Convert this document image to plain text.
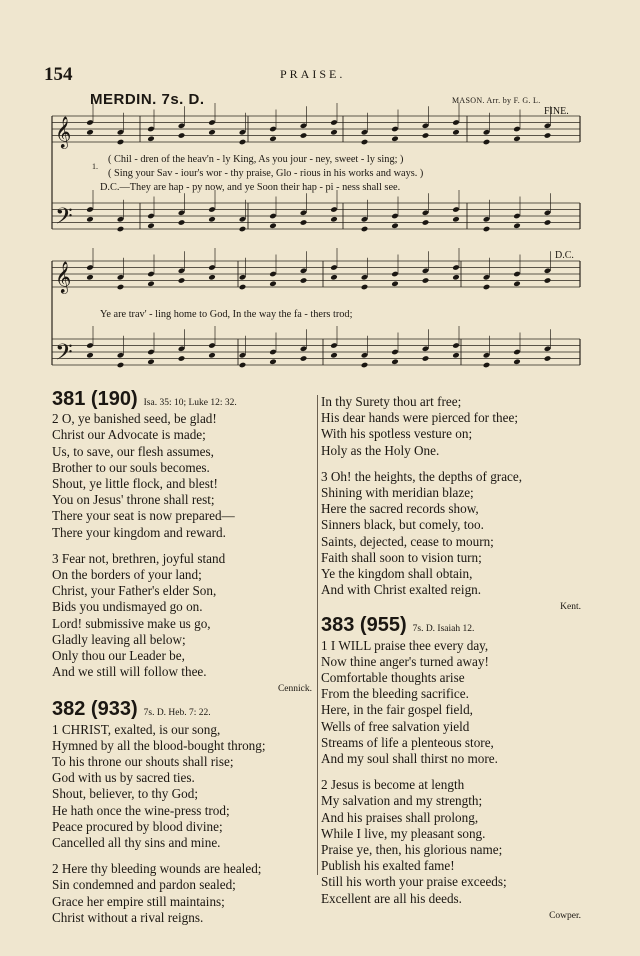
154	PRAISE.
MERDIN. 7s. D.	MASON. Arr. by F. G. L.
FINE.
D.C.
𝄞
𝄢
𝄞
𝄢
1.
( Chil - dren of the heav'n - ly King, As you jour - ney, sweet - ly sing; )
( Sing your Sav - iour's wor - thy praise, Glo - rious in his works and ways. )
D.C.—They are hap - py now, and ye Soon their hap - pi - ness shall see.
Ye are trav' - ling home to God, In the way the fa - thers trod;
381 (190) Isa. 35: 10; Luke 12: 32.
2 O, ye banished seed, be glad!
Christ our Advocate is made;
Us, to save, our flesh assumes,
Brother to our souls becomes.
Shout, ye little flock, and blest!
You on Jesus' throne shall rest;
There your seat is now prepared—
There your kingdom and reward.
3 Fear not, brethren, joyful stand
On the borders of your land;
Christ, your Father's elder Son,
Bids you undismayed go on.
Lord! submissive make us go,
Gladly leaving all below;
Only thou our Leader be,
And we still will follow thee.
Cennick.
382 (933) 7s. D. Heb. 7: 22.
1 CHRIST, exalted, is our song,
Hymned by all the blood-bought throng;
To his throne our shouts shall rise;
God with us by sacred ties.
Shout, believer, to thy God;
He hath once the wine-press trod;
Peace procured by blood divine;
Cancelled all thy sins and mine.
2 Here thy bleeding wounds are healed;
Sin condemned and pardon sealed;
Grace her empire still maintains;
Christ without a rival reigns.
In thy Surety thou art free;
His dear hands were pierced for thee;
With his spotless vesture on;
Holy as the Holy One.
3 Oh! the heights, the depths of grace,
Shining with meridian blaze;
Here the sacred records show,
Sinners black, but comely, too.
Saints, dejected, cease to mourn;
Faith shall soon to vision turn;
Ye the kingdom shall obtain,
And with Christ exalted reign.
Kent.
383 (955) 7s. D. Isaiah 12.
1 I WILL praise thee every day,
Now thine anger's turned away!
Comfortable thoughts arise
From the bleeding sacrifice.
Here, in the fair gospel field,
Wells of free salvation yield
Streams of life a plenteous store,
And my soul shall thirst no more.
2 Jesus is become at length
My salvation and my strength;
And his praises shall prolong,
While I live, my pleasant song.
Praise ye, then, his glorious name;
Publish his exalted fame!
Still his worth your praise exceeds;
Excellent are all his deeds.
Cowper.
